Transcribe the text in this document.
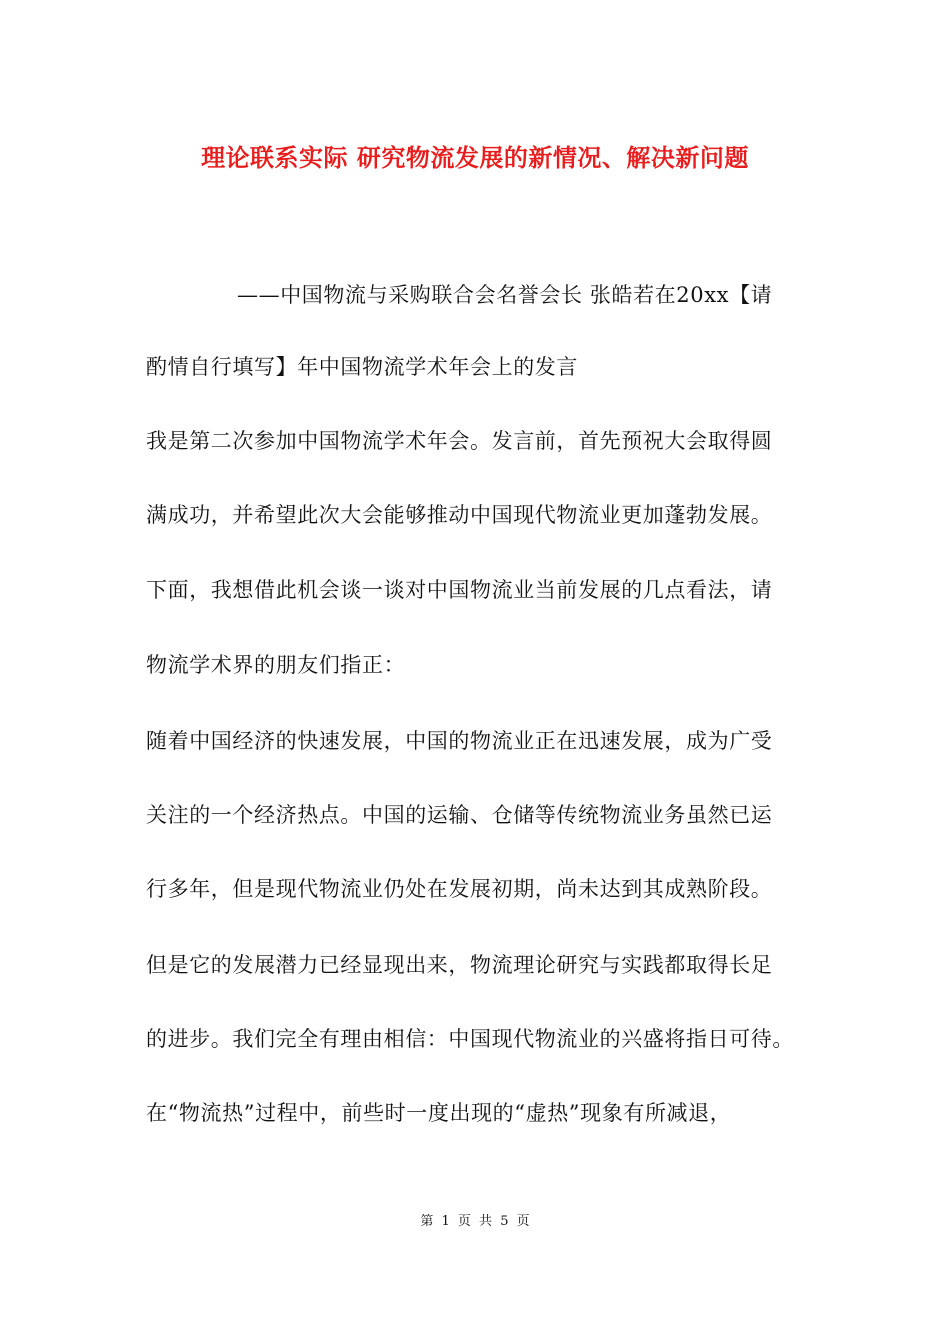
理论联系实际 研究物流发展的新情况、解决新问题
——中国物流与采购联合会名誉会长 张皓若在20xx【请
酌情自行填写】年中国物流学术年会上的发言
我是第二次参加中国物流学术年会。发言前，首先预祝大会取得圆
满成功，并希望此次大会能够推动中国现代物流业更加蓬勃发展。
下面，我想借此机会谈一谈对中国物流业当前发展的几点看法，请
物流学术界的朋友们指正：
随着中国经济的快速发展，中国的物流业正在迅速发展，成为广受
关注的一个经济热点。中国的运输、仓储等传统物流业务虽然已运
行多年，但是现代物流业仍处在发展初期，尚未达到其成熟阶段。
但是它的发展潜力已经显现出来，物流理论研究与实践都取得长足
的进步。我们完全有理由相信：中国现代物流业的兴盛将指日可待。
在“物流热”过程中，前些时一度出现的“虚热”现象有所减退，
第 1 页 共 5 页
